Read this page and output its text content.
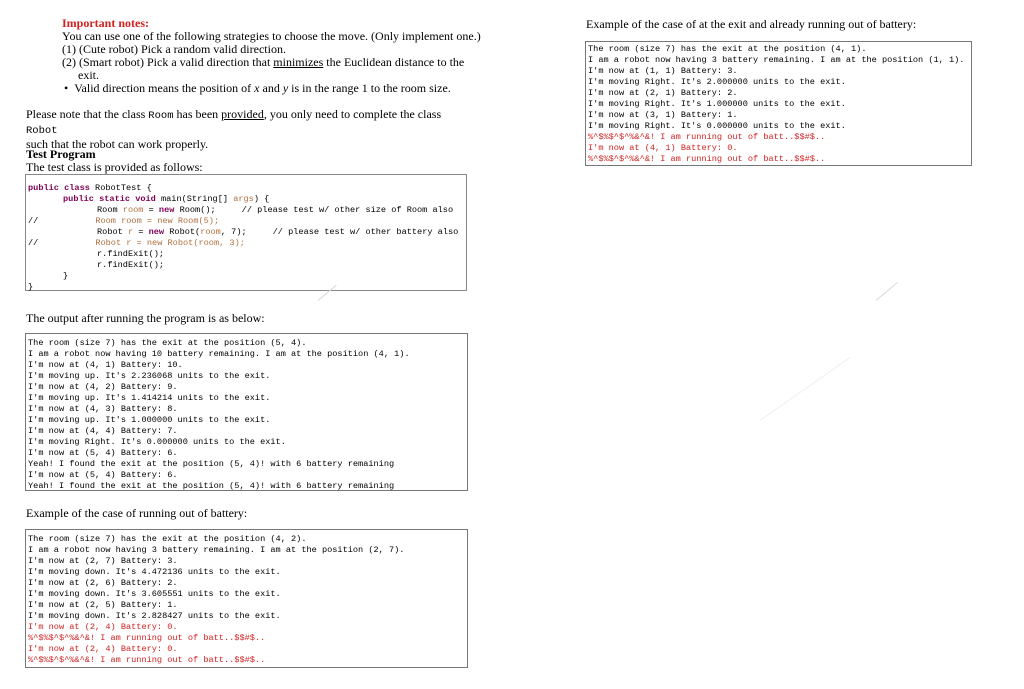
Important notes:
You can use one of the following strategies to choose the move. (Only implement one.)
(1) (Cute robot) Pick a random valid direction.
(2) (Smart robot) Pick a valid direction that minimizes the Euclidean distance to the
exit.
• Valid direction means the position of x and y is in the range 1 to the room size.
Please note that the class Room has been provided, you only need to complete the class Robot
such that the robot can work properly.
Test Program
The test class is provided as follows:

public class RobotTest {
public static void main(String[] args) {
Room room = new Room();	// please test w/ other size of Room also
//	Room room = new Room(5);
Robot r = new Robot(room, 7);	// please test w/ other battery also
//	Robot r = new Robot(room, 3);
r.findExit();
r.findExit();
}
}

The output after running the program is as below:

The room (size 7) has the exit at the position (5, 4).
I am a robot now having 10 battery remaining. I am at the position (4, 1).
I'm now at (4, 1) Battery: 10.
I'm moving up. It's 2.236068 units to the exit.
I'm now at (4, 2) Battery: 9.
I'm moving up. It's 1.414214 units to the exit.
I'm now at (4, 3) Battery: 8.
I'm moving up. It's 1.000000 units to the exit.
I'm now at (4, 4) Battery: 7.
I'm moving Right. It's 0.000000 units to the exit.
I'm now at (5, 4) Battery: 6.
Yeah! I found the exit at the position (5, 4)! with 6 battery remaining
I'm now at (5, 4) Battery: 6.
Yeah! I found the exit at the position (5, 4)! with 6 battery remaining

Example of the case of running out of battery:

The room (size 7) has the exit at the position (4, 2).
I am a robot now having 3 battery remaining. I am at the position (2, 7).
I'm now at (2, 7) Battery: 3.
I'm moving down. It's 4.472136 units to the exit.
I'm now at (2, 6) Battery: 2.
I'm moving down. It's 3.605551 units to the exit.
I'm now at (2, 5) Battery: 1.
I'm moving down. It's 2.828427 units to the exit.
I'm now at (2, 4) Battery: 0.
%^$%$^$^%&^&! I am running out of batt..$$#$..
I'm now at (2, 4) Battery: 0.
%^$%$^$^%&^&! I am running out of batt..$$#$..

Example of the case of at the exit and already running out of battery:

The room (size 7) has the exit at the position (4, 1).
I am a robot now having 3 battery remaining. I am at the position (1, 1).
I'm now at (1, 1) Battery: 3.
I'm moving Right. It's 2.000000 units to the exit.
I'm now at (2, 1) Battery: 2.
I'm moving Right. It's 1.000000 units to the exit.
I'm now at (3, 1) Battery: 1.
I'm moving Right. It's 0.000000 units to the exit.
%^$%$^$^%&^&! I am running out of batt..$$#$..
I'm now at (4, 1) Battery: 0.
%^$%$^$^%&^&! I am running out of batt..$$#$..
